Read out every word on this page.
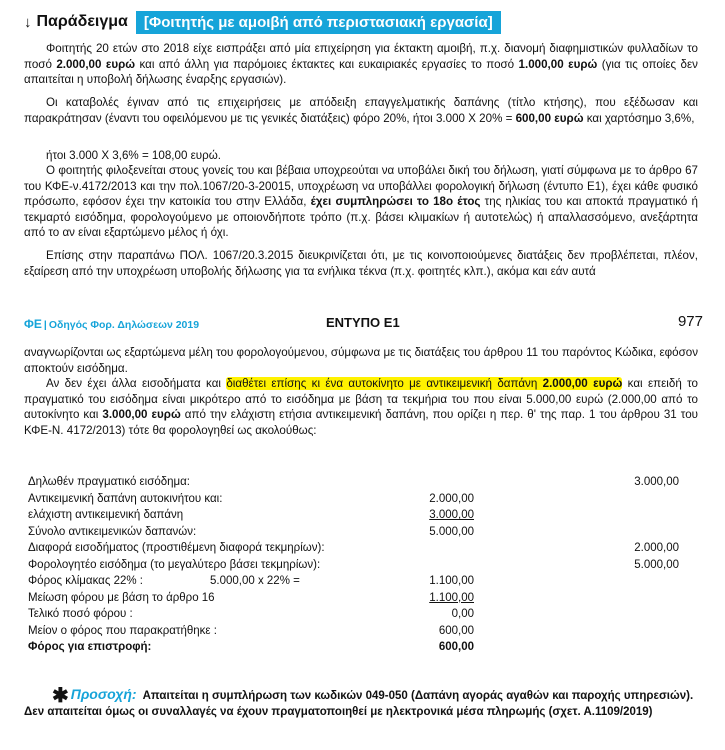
↓ Παράδειγμα	[Φοιτητής με αμοιβή από περιστασιακή εργασία]
Φοιτητής 20 ετών στο 2018 είχε εισπράξει από μία επιχείρηση για έκτακτη αμοιβή, π.χ. διανομή διαφημιστικών φυλλαδίων το ποσό 2.000,00 ευρώ και από άλλη για παρόμοιες έκτακτες και ευκαιριακές εργασίες το ποσό 1.000,00 ευρώ (για τις οποίες δεν απαιτείται η υποβολή δήλωσης έναρξης εργασιών).
Οι καταβολές έγιναν από τις επιχειρήσεις με απόδειξη επαγγελματικής δαπάνης (τίτλο κτήσης), που εξέδωσαν και παρακράτησαν (έναντι του οφειλόμενου με τις γενικές διατάξεις) φόρο 20%, ήτοι 3.000 Χ 20% = 600,00 ευρώ και χαρτόσημο 3,6%,
ήτοι 3.000 Χ 3,6% = 108,00 ευρώ.
Ο φοιτητής φιλοξενείται στους γονείς του και βέβαια υποχρεούται να υποβάλει δική του δήλωση, γιατί σύμφωνα με το άρθρο 67 του ΚΦΕ-ν.4172/2013 και την πολ.1067/20-3-20015, υποχρέωση να υποβάλλει φορολογική δήλωση (έντυπο Ε1), έχει κάθε φυσικό πρόσωπο, εφόσον έχει την κατοικία του στην Ελλάδα, έχει συμπληρώσει το 18ο έτος της ηλικίας του και αποκτά πραγματικό ή τεκμαρτό εισόδημα, φορολογούμενο με οποιονδήποτε τρόπο (π.χ. βάσει κλιμακίων ή αυτοτελώς) ή απαλλασσόμενο, ανεξάρτητα από το αν είναι εξαρτώμενο μέλος ή όχι.
Επίσης στην παραπάνω ΠΟΛ. 1067/20.3.2015 διευκρινίζεται ότι, με τις κοινοποιούμενες διατάξεις δεν προβλέπεται, πλέον, εξαίρεση από την υποχρέωση υποβολής δήλωσης για τα ενήλικα τέκνα (π.χ. φοιτητές κλπ.), ακόμα και εάν αυτά
ΦΕ | Οδηγός Φορ. Δηλώσεων 2019	ΕΝΤΥΠΟ Ε1	977
αναγνωρίζονται ως εξαρτώμενα μέλη του φορολογούμενου, σύμφωνα με τις διατάξεις του άρθρου 11 του παρόντος Κώδικα, εφόσον αποκτούν εισόδημα.
Αν δεν έχει άλλα εισοδήματα και διαθέτει επίσης κι ένα αυτοκίνητο με αντικειμενική δαπάνη 2.000,00 ευρώ και επειδή το πραγματικό του εισόδημα είναι μικρότερο από το εισόδημα με βάση τα τεκμήρια του που είναι 5.000,00 ευρώ (2.000,00 από το αυτοκίνητο και 3.000,00 ευρώ από την ελάχιστη ετήσια αντικειμενική δαπάνη, που ορίζει η περ. θ' της παρ. 1 του άρθρου 31 του ΚΦΕ-Ν. 4172/2013) τότε θα φορολογηθεί ως ακολούθως:
Δηλωθέν πραγματικό εισόδημα:	3.000,00
Αντικειμενική δαπάνη αυτοκινήτου και:	2.000,00
ελάχιστη αντικειμενική δαπάνη	3.000,00
Σύνολο αντικειμενικών δαπανών:	5.000,00
Διαφορά εισοδήματος (προστιθέμενη διαφορά τεκμηρίων):	2.000,00
Φορολογητέο εισόδημα (το μεγαλύτερο βάσει τεκμηρίων):	5.000,00
Φόρος κλίμακας 22% :	5.000,00 x 22% =	1.100,00
Μείωση φόρου με βάση το άρθρο 16	1.100,00
Τελικό ποσό φόρου :	0,00
Μείον ο φόρος που παρακρατήθηκε :	600,00
Φόρος για επιστροφή:	600,00
✱ Προσοχή: Απαιτείται η συμπλήρωση των κωδικών 049-050 (Δαπάνη αγοράς αγαθών και παροχής υπηρεσιών).
Δεν απαιτείται όμως οι συναλλαγές να έχουν πραγματοποιηθεί με ηλεκτρονικά μέσα πληρωμής (σχετ. Α.1109/2019)
